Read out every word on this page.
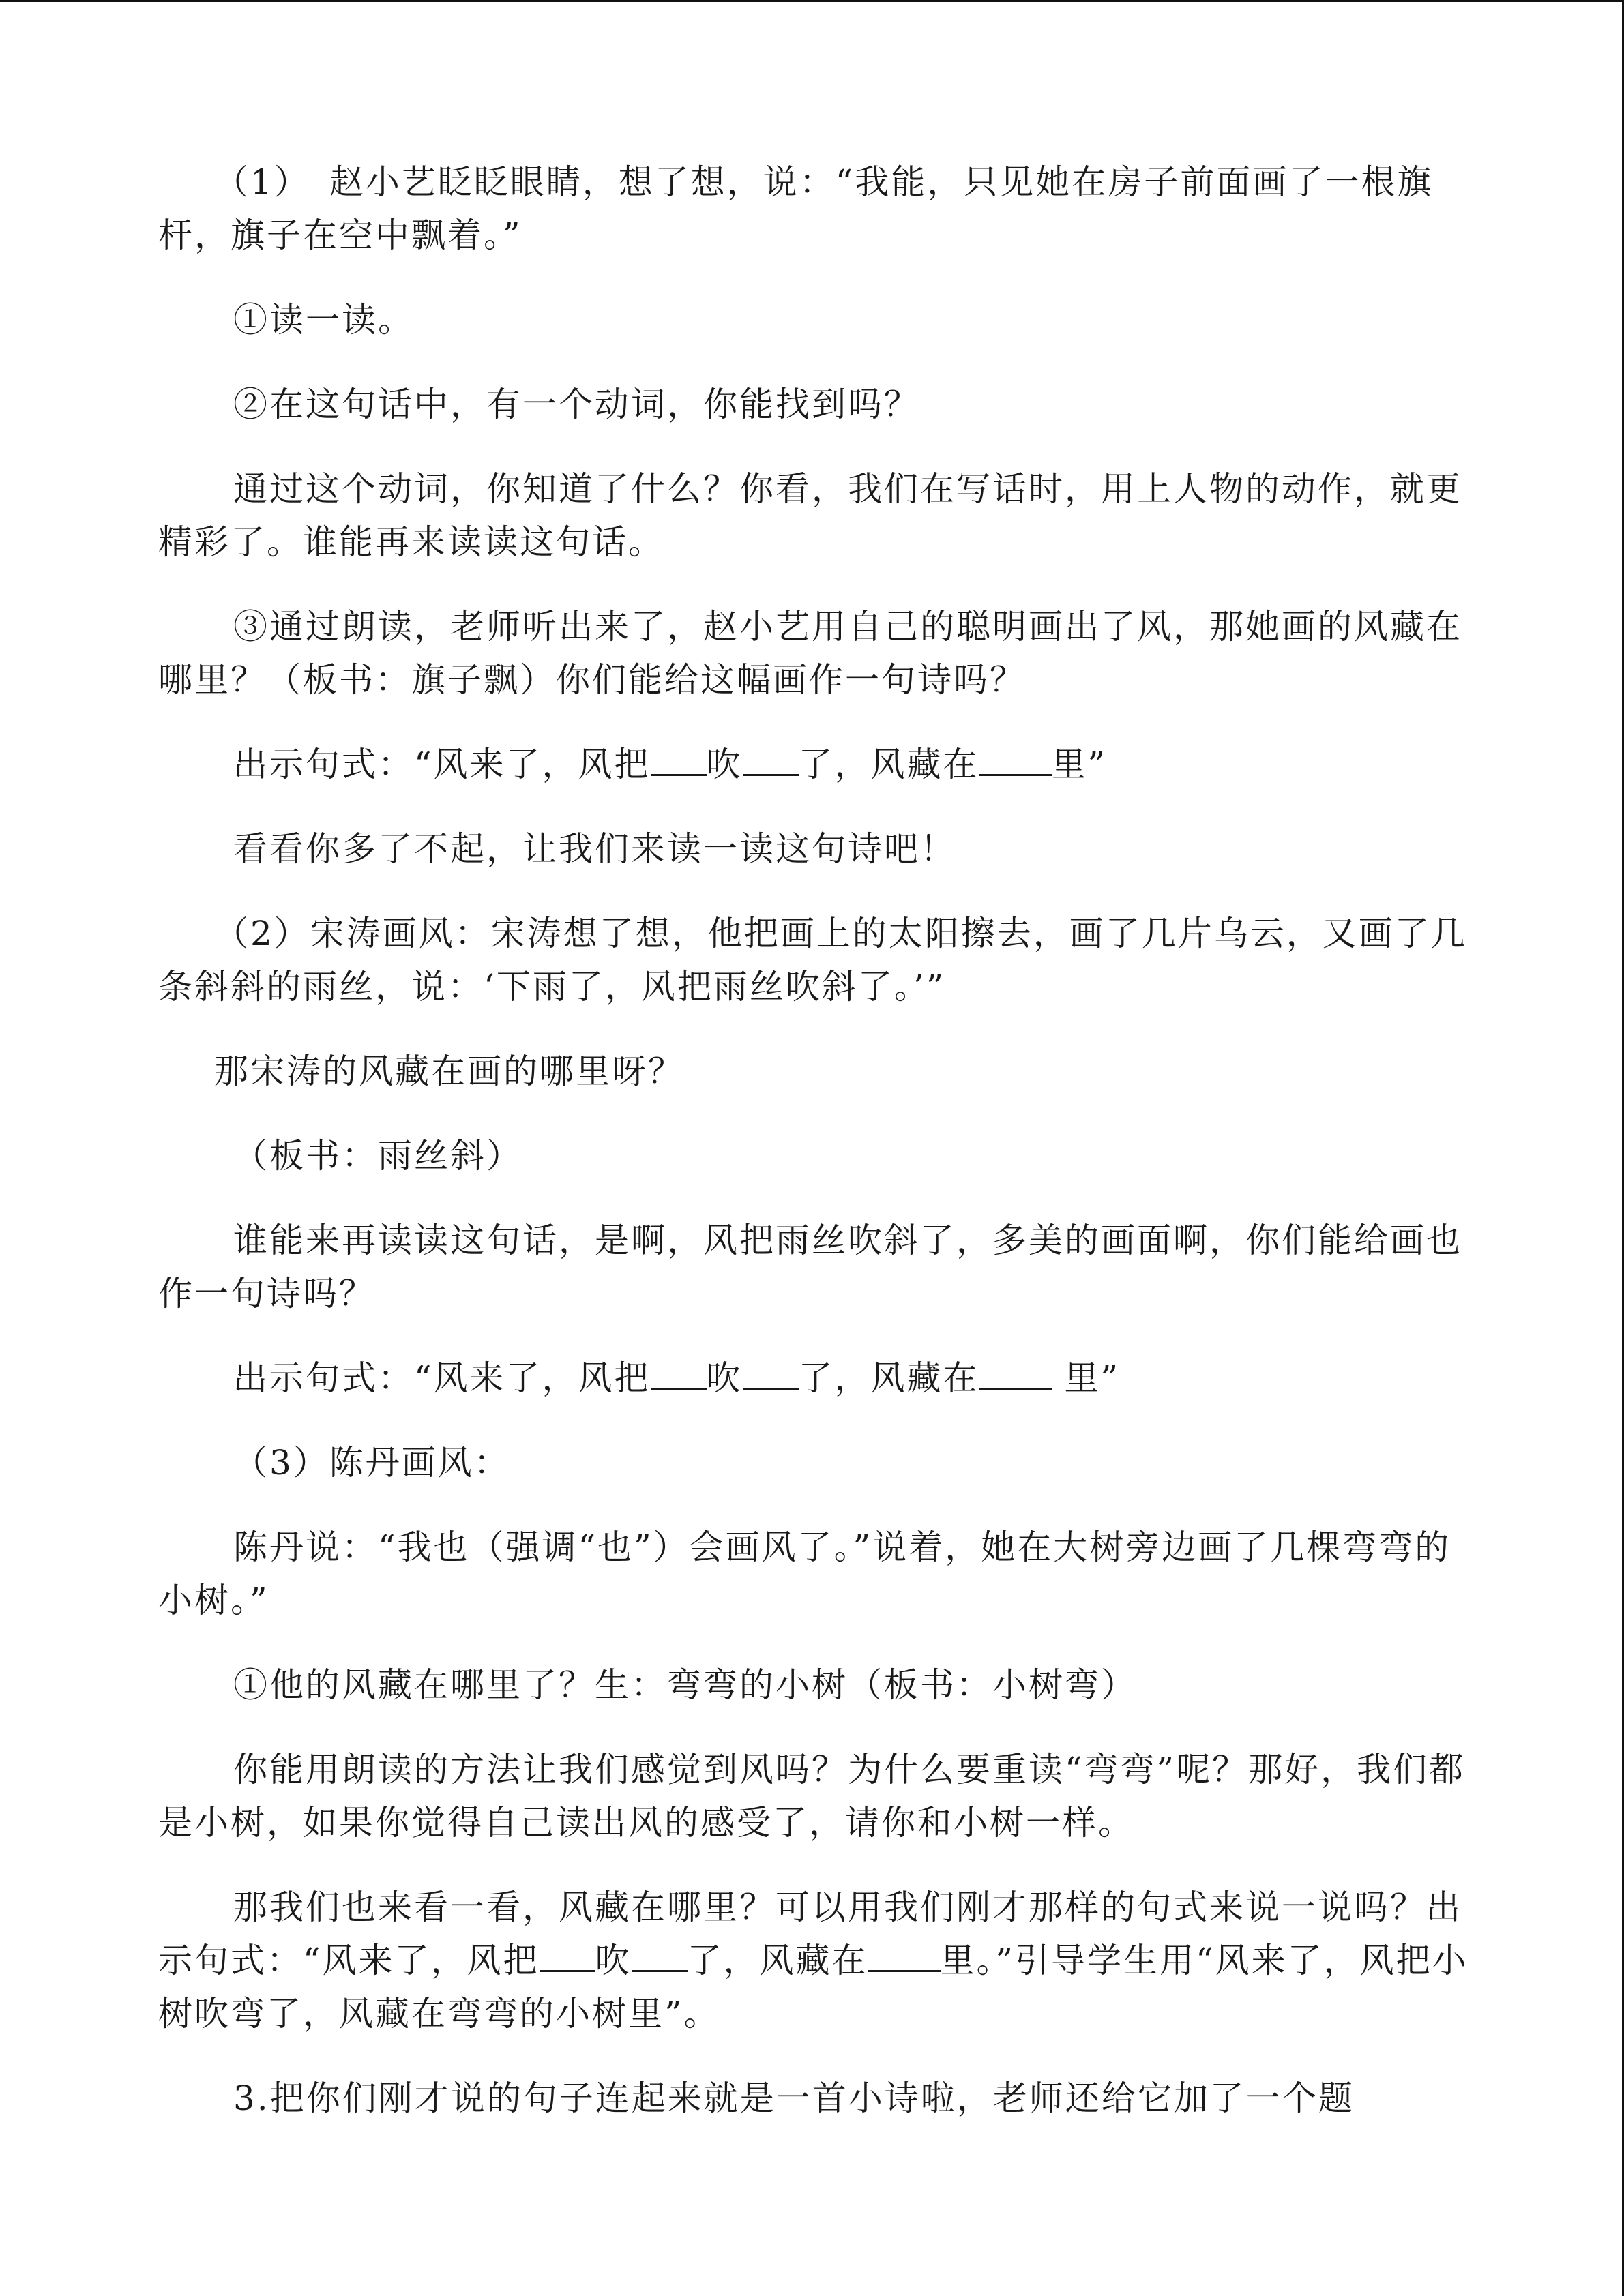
（1）　赵小艺眨眨眼睛，想了想，说：“我能，只见她在房子前面画了一根旗杆，旗子在空中飘着。”

①读一读。

②在这句话中，有一个动词，你能找到吗？

通过这个动词，你知道了什么？你看，我们在写话时，用上人物的动作，就更精彩了。谁能再来读读这句话。

③通过朗读，老师听出来了，赵小艺用自己的聪明画出了风，那她画的风藏在哪里？（板书：旗子飘）你们能给这幅画作一句诗吗？

出示句式：“风来了，风把 吹 了，风藏在 里”

看看你多了不起，让我们来读一读这句诗吧！

（2）宋涛画风：宋涛想了想，他把画上的太阳擦去，画了几片乌云，又画了几条斜斜的雨丝，说：‘下雨了，风把雨丝吹斜了。’”

那宋涛的风藏在画的哪里呀？

（板书：雨丝斜）

谁能来再读读这句话，是啊，风把雨丝吹斜了，多美的画面啊，你们能给画也作一句诗吗？

出示句式：“风来了，风把 吹 了，风藏在 里”

（3）陈丹画风：

陈丹说：“我也（强调“也”）会画风了。”说着，她在大树旁边画了几棵弯弯的小树。”

①他的风藏在哪里了？生：弯弯的小树（板书：小树弯）

你能用朗读的方法让我们感觉到风吗？为什么要重读“弯弯”呢？那好，我们都是小树，如果你觉得自己读出风的感受了，请你和小树一样。

那我们也来看一看，风藏在哪里？可以用我们刚才那样的句式来说一说吗？出示句式：“风来了，风把 吹 了，风藏在 里。”引导学生用“风来了，风把小树吹弯了，风藏在弯弯的小树里”。

3.把你们刚才说的句子连起来就是一首小诗啦，老师还给它加了一个题
